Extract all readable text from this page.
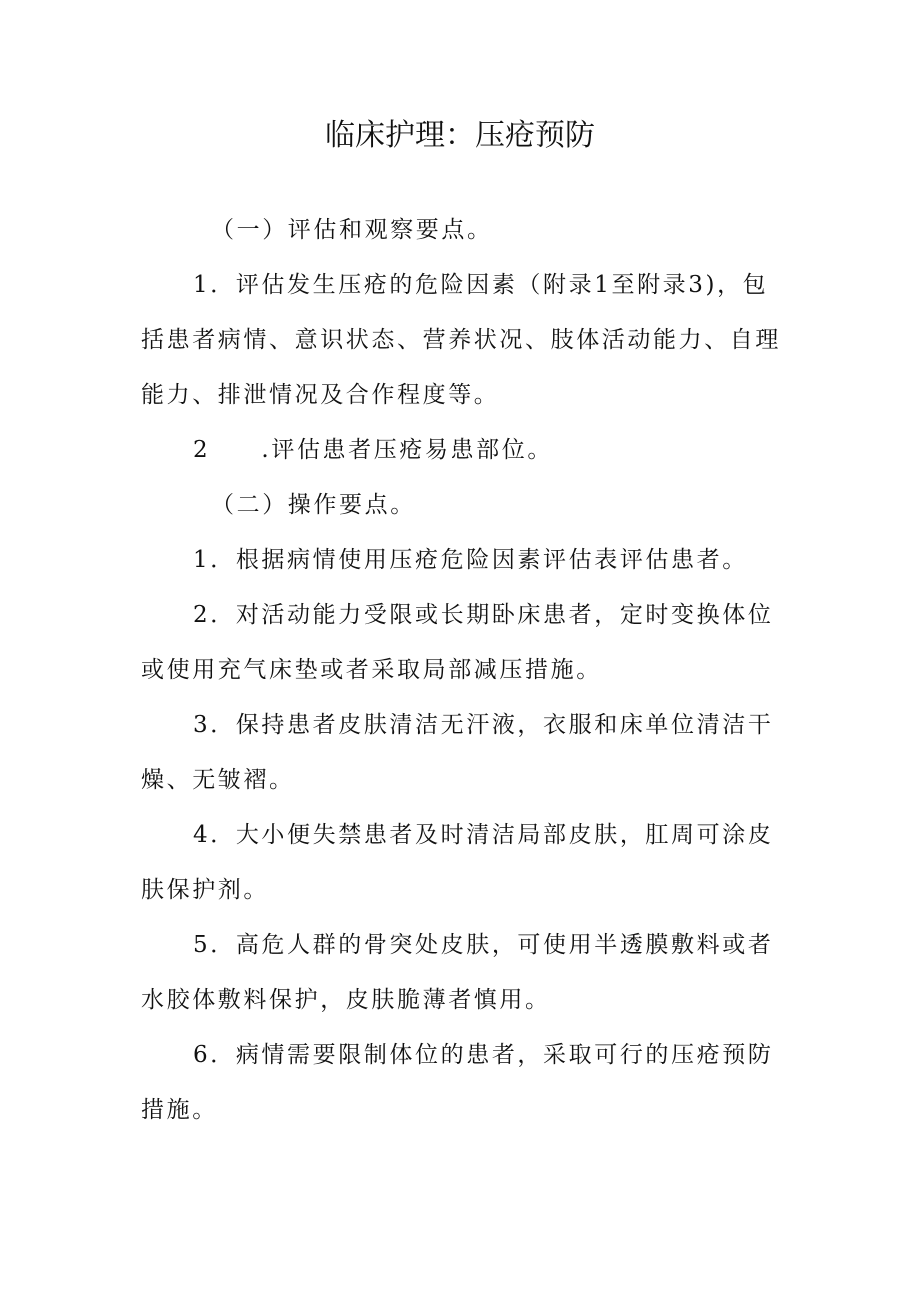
临床护理：压疮预防

（一）评估和观察要点。

1．评估发生压疮的危险因素（附录1至附录3)，包括患者病情、意识状态、营养状况、肢体活动能力、自理能力、排泄情况及合作程度等。

2　　.评估患者压疮易患部位。

（二）操作要点。

1．根据病情使用压疮危险因素评估表评估患者。

2．对活动能力受限或长期卧床患者，定时变换体位或使用充气床垫或者采取局部减压措施。

3．保持患者皮肤清洁无汗液，衣服和床单位清洁干燥、无皱褶。

4．大小便失禁患者及时清洁局部皮肤，肛周可涂皮肤保护剂。

5．高危人群的骨突处皮肤，可使用半透膜敷料或者水胶体敷料保护，皮肤脆薄者慎用。

6．病情需要限制体位的患者，采取可行的压疮预防措施。
